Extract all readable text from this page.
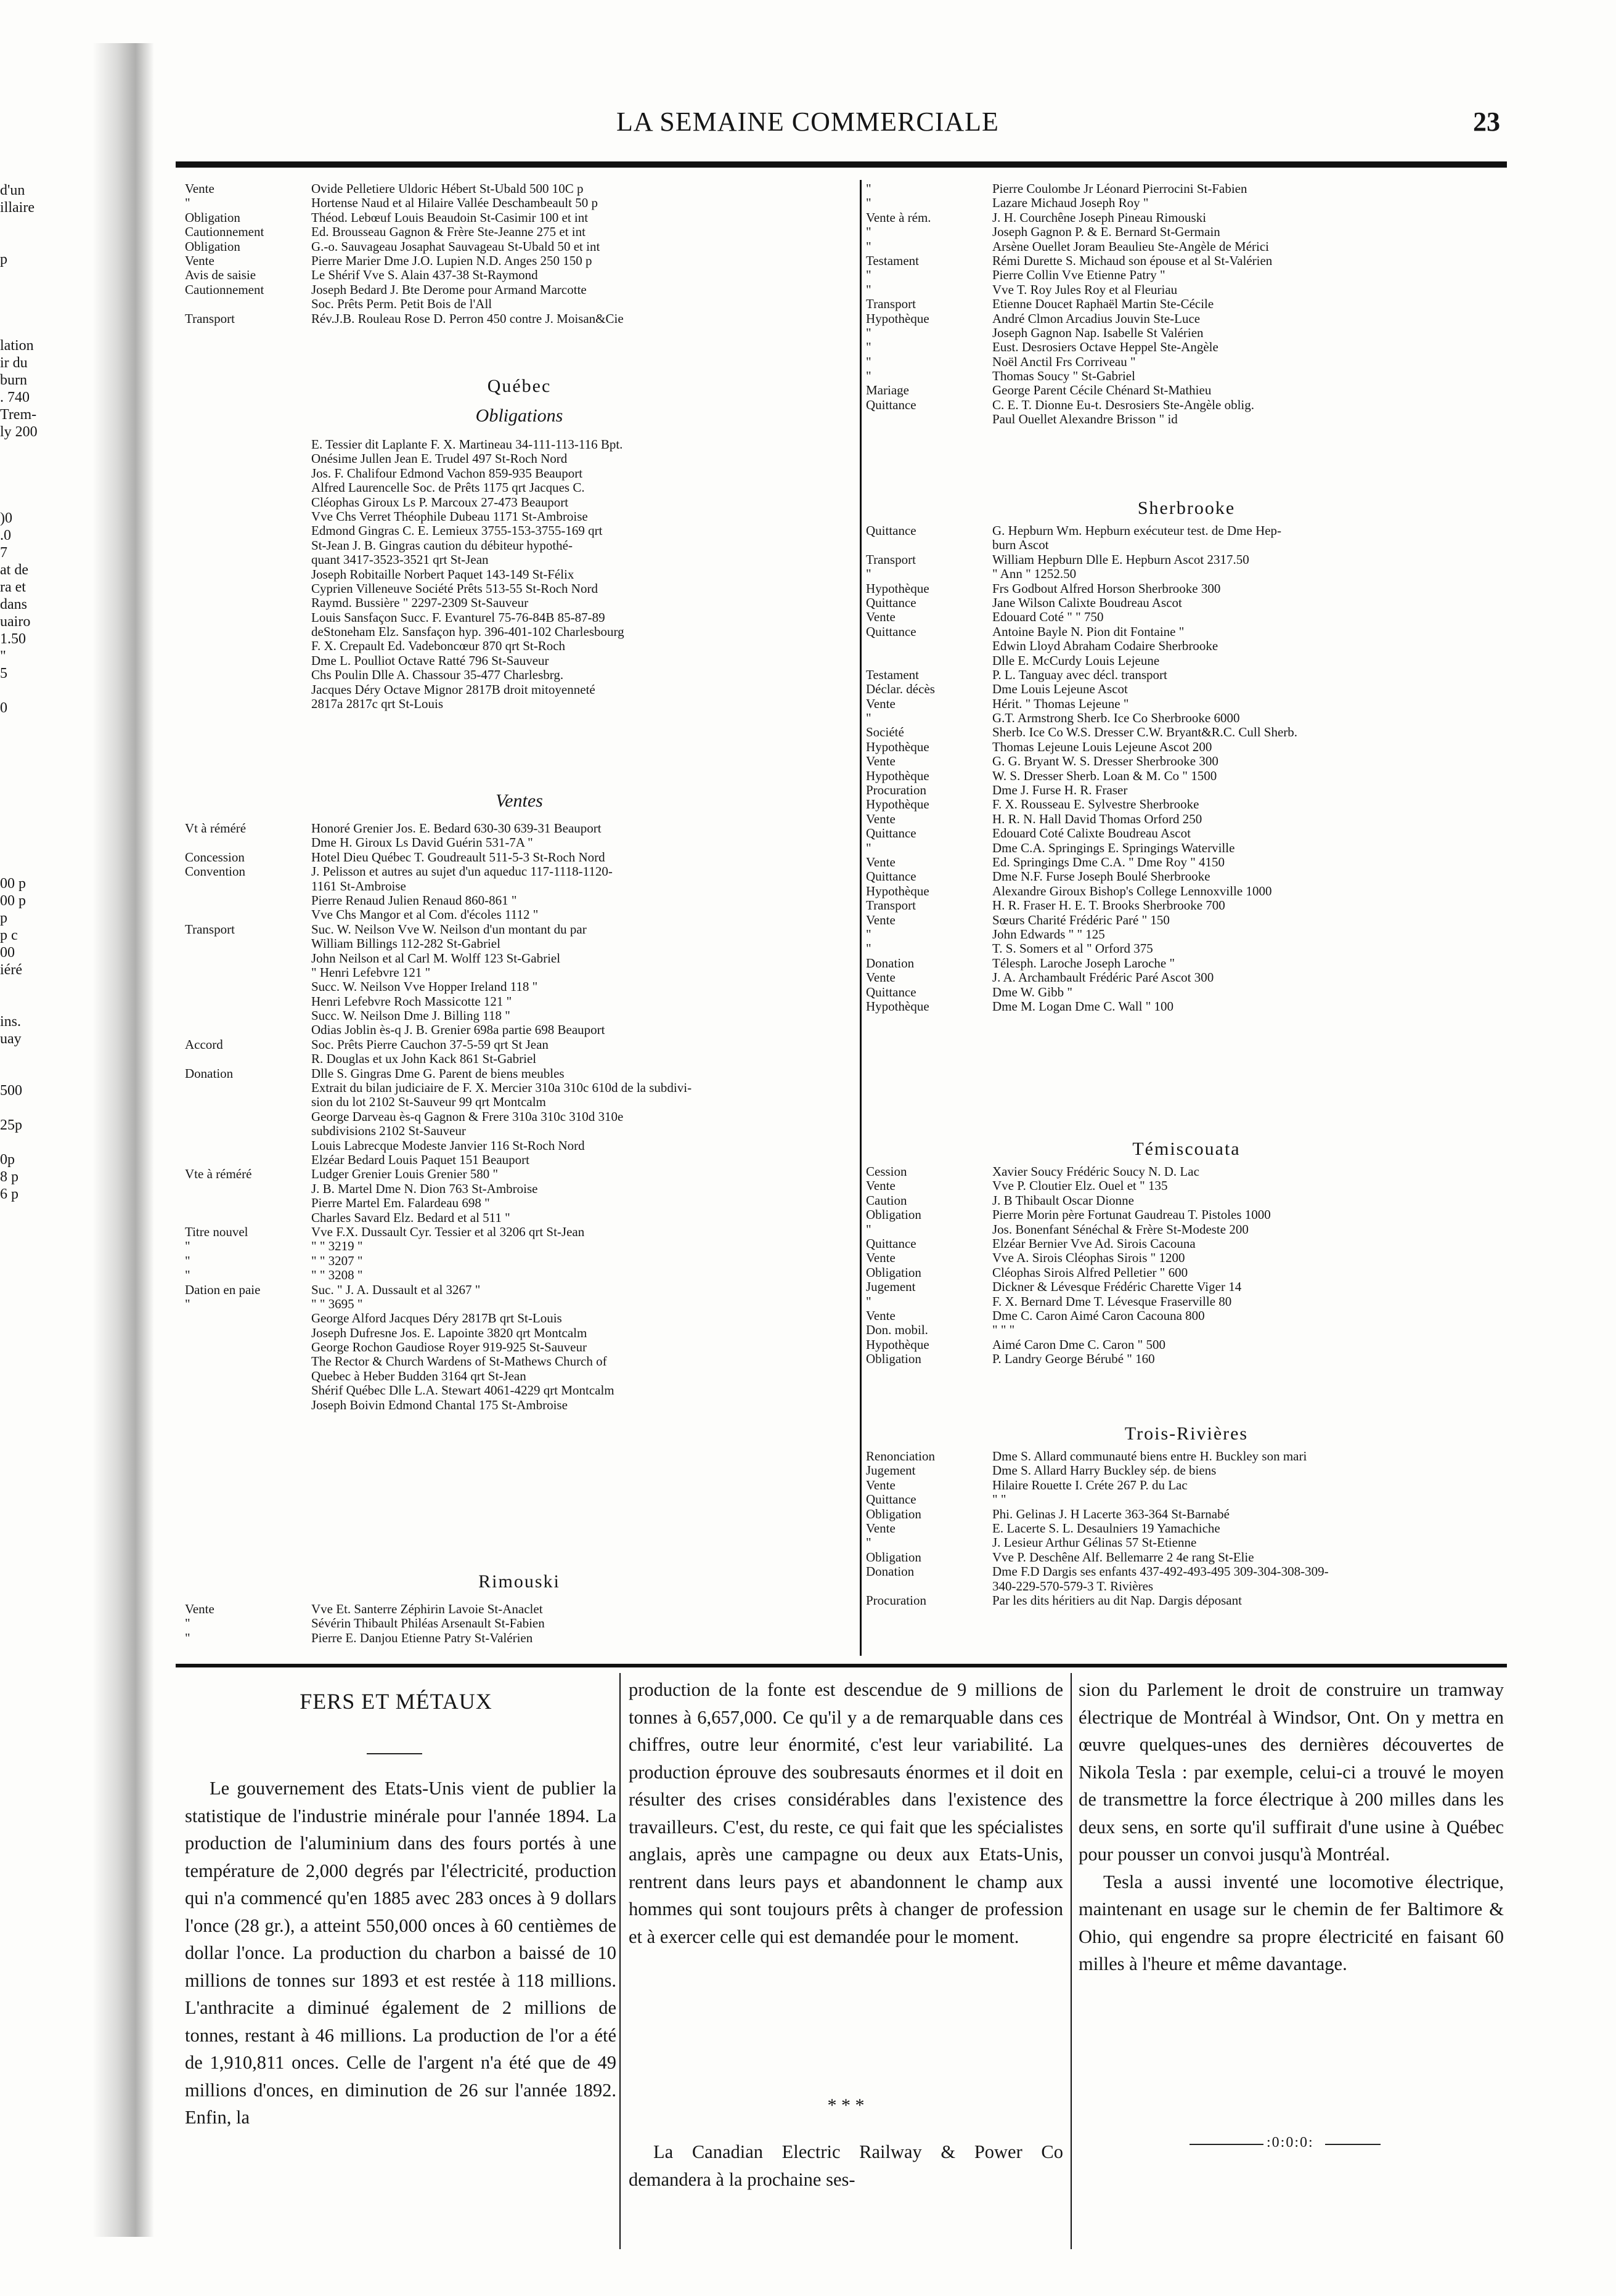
LA SEMAINE COMMERCIALE	23
d'un
illaire
p
lation
ir du
burn
. 740
Trem-
ly 200
)0
.0
7
at de
ra et
dans
uairo
1.50
"
5
0
00 p
00 p
p
p c
00
iéré
ins.
uay
500
25p
0p
8 p
6 p
Vente	Ovide Pelletiere Uldoric Hébert St-Ubald 500 10C p
"	Hortense Naud et al Hilaire Vallée Deschambeault 50 p
Obligation	Théod. Lebœuf Louis Beaudoin St-Casimir 100 et int
Cautionnement	Ed. Brousseau Gagnon & Frère Ste-Jeanne 275 et int
Obligation	G.-o. Sauvageau Josaphat Sauvageau St-Ubald 50 et int
Vente	Pierre Marier Dme J.O. Lupien N.D. Anges 250 150 p
Avis de saisie	Le Shérif Vve S. Alain 437-38 St-Raymond
Cautionnement	Joseph Bedard J. Bte Derome pour Armand Marcotte
Soc. Prêts Perm. Petit Bois de l'All
Transport	Rév.J.B. Rouleau Rose D. Perron 450 contre J. Moisan&Cie
Québec
Obligations
E. Tessier dit Laplante F. X. Martineau 34-111-113-116 Bpt.
Onésime Jullen Jean E. Trudel 497 St-Roch Nord
Jos. F. Chalifour Edmond Vachon 859-935 Beauport
Alfred Laurencelle Soc. de Prêts 1175 qrt Jacques C.
Cléophas Giroux Ls P. Marcoux 27-473 Beauport
Vve Chs Verret Théophile Dubeau 1171 St-Ambroise
Edmond Gingras C. E. Lemieux 3755-153-3755-169 qrt
St-Jean J. B. Gingras caution du débiteur hypothé-
quant 3417-3523-3521 qrt St-Jean
Joseph Robitaille Norbert Paquet 143-149 St-Félix
Cyprien Villeneuve Société Prêts 513-55 St-Roch Nord
Raymd. Bussière " 2297-2309 St-Sauveur
Louis Sansfaçon Succ. F. Evanturel 75-76-84B 85-87-89
deStoneham Elz. Sansfaçon hyp. 396-401-102 Charlesbourg
F. X. Crepault Ed. Vadeboncœur 870 qrt St-Roch
Dme L. Poulliot Octave Ratté 796 St-Sauveur
Chs Poulin Dlle A. Chassour 35-477 Charlesbrg.
Jacques Déry Octave Mignor 2817B droit mitoyenneté
2817a 2817c qrt St-Louis
Ventes
Vt à réméré	Honoré Grenier Jos. E. Bedard 630-30 639-31 Beauport
Dme H. Giroux Ls David Guérin 531-7A "
Concession	Hotel Dieu Québec T. Goudreault 511-5-3 St-Roch Nord
Convention	J. Pelisson et autres au sujet d'un aqueduc 117-1118-1120-
1161 St-Ambroise
Pierre Renaud Julien Renaud 860-861 "
Vve Chs Mangor et al Com. d'écoles 1112 "
Transport	Suc. W. Neilson Vve W. Neilson d'un montant du par
William Billings 112-282 St-Gabriel
John Neilson et al Carl M. Wolff 123 St-Gabriel
" Henri Lefebvre 121 "
Succ. W. Neilson Vve Hopper Ireland 118 "
Henri Lefebvre Roch Massicotte 121 "
Succ. W. Neilson Dme J. Billing 118 "
Odias Joblin ès-q J. B. Grenier 698a partie 698 Beauport
Accord	Soc. Prêts Pierre Cauchon 37-5-59 qrt St Jean
R. Douglas et ux John Kack 861 St-Gabriel
Donation	Dlle S. Gingras Dme G. Parent de biens meubles
Extrait du bilan judiciaire de F. X. Mercier 310a 310c 610d de la subdivi-
sion du lot 2102 St-Sauveur 99 qrt Montcalm
George Darveau ès-q Gagnon & Frere 310a 310c 310d 310e
subdivisions 2102 St-Sauveur
Louis Labrecque Modeste Janvier 116 St-Roch Nord
Elzéar Bedard Louis Paquet 151 Beauport
Vte à réméré	Ludger Grenier Louis Grenier 580 "
J. B. Martel Dme N. Dion 763 St-Ambroise
Pierre Martel Em. Falardeau 698 "
Charles Savard Elz. Bedard et al 511 "
Titre nouvel	Vve F.X. Dussault Cyr. Tessier et al 3206 qrt St-Jean
"	" " 3219 "
"	" " 3207 "
"	" " 3208 "
Dation en paie	Suc. " J. A. Dussault et al 3267 "
"	" " 3695 "
George Alford Jacques Déry 2817B qrt St-Louis
Joseph Dufresne Jos. E. Lapointe 3820 qrt Montcalm
George Rochon Gaudiose Royer 919-925 St-Sauveur
The Rector & Church Wardens of St-Mathews Church of
Quebec à Heber Budden 3164 qrt St-Jean
Shérif Québec Dlle L.A. Stewart 4061-4229 qrt Montcalm
Joseph Boivin Edmond Chantal 175 St-Ambroise
Rimouski
Vente	Vve Et. Santerre Zéphirin Lavoie St-Anaclet
"	Sévérin Thibault Philéas Arsenault St-Fabien
"	Pierre E. Danjou Etienne Patry St-Valérien
"	Pierre Coulombe Jr Léonard Pierrocini St-Fabien
"	Lazare Michaud Joseph Roy "
Vente à rém.	J. H. Courchêne Joseph Pineau Rimouski
"	Joseph Gagnon P. & E. Bernard St-Germain
"	Arsène Ouellet Joram Beaulieu Ste-Angèle de Mérici
Testament	Rémi Durette S. Michaud son épouse et al St-Valérien
"	Pierre Collin Vve Etienne Patry "
"	Vve T. Roy Jules Roy et al Fleuriau
Transport	Etienne Doucet Raphaël Martin Ste-Cécile
Hypothèque	André Clmon Arcadius Jouvin Ste-Luce
"	Joseph Gagnon Nap. Isabelle St Valérien
"	Eust. Desrosiers Octave Heppel Ste-Angèle
"	Noël Anctil Frs Corriveau "
"	Thomas Soucy " St-Gabriel
Mariage	George Parent Cécile Chénard St-Mathieu
Quittance	C. E. T. Dionne Eu-t. Desrosiers Ste-Angèle oblig.
Paul Ouellet Alexandre Brisson " id
Sherbrooke
Quittance	G. Hepburn Wm. Hepburn exécuteur test. de Dme Hep-
burn Ascot
Transport	William Hepburn Dlle E. Hepburn Ascot 2317.50
"	" Ann " 1252.50
Hypothèque	Frs Godbout Alfred Horson Sherbrooke 300
Quittance	Jane Wilson Calixte Boudreau Ascot
Vente	Edouard Coté " " 750
Quittance	Antoine Bayle N. Pion dit Fontaine "
Edwin Lloyd Abraham Codaire Sherbrooke
Dlle E. McCurdy Louis Lejeune
Testament	P. L. Tanguay avec décl. transport
Déclar. décès	Dme Louis Lejeune Ascot
Vente	Hérit. " Thomas Lejeune "
"	G.T. Armstrong Sherb. Ice Co Sherbrooke 6000
Société	Sherb. Ice Co W.S. Dresser C.W. Bryant&R.C. Cull Sherb.
Hypothèque	Thomas Lejeune Louis Lejeune Ascot 200
Vente	G. G. Bryant W. S. Dresser Sherbrooke 300
Hypothèque	W. S. Dresser Sherb. Loan & M. Co " 1500
Procuration	Dme J. Furse H. R. Fraser
Hypothèque	F. X. Rousseau E. Sylvestre Sherbrooke
Vente	H. R. N. Hall David Thomas Orford 250
Quittance	Edouard Coté Calixte Boudreau Ascot
"	Dme C.A. Springings E. Springings Waterville
Vente	Ed. Springings Dme C.A. " Dme Roy " 4150
Quittance	Dme N.F. Furse Joseph Boulé Sherbrooke
Hypothèque	Alexandre Giroux Bishop's College Lennoxville 1000
Transport	H. R. Fraser H. E. T. Brooks Sherbrooke 700
Vente	Sœurs Charité Frédéric Paré " 150
"	John Edwards " " 125
"	T. S. Somers et al " Orford 375
Donation	Télesph. Laroche Joseph Laroche "
Vente	J. A. Archambault Frédéric Paré Ascot 300
Quittance	Dme W. Gibb "
Hypothèque	Dme M. Logan Dme C. Wall " 100
Témiscouata
Cession	Xavier Soucy Frédéric Soucy N. D. Lac
Vente	Vve P. Cloutier Elz. Ouel et " 135
Caution	J. B Thibault Oscar Dionne
Obligation	Pierre Morin père Fortunat Gaudreau T. Pistoles 1000
"	Jos. Bonenfant Sénéchal & Frère St-Modeste 200
Quittance	Elzéar Bernier Vve Ad. Sirois Cacouna
Vente	Vve A. Sirois Cléophas Sirois " 1200
Obligation	Cléophas Sirois Alfred Pelletier " 600
Jugement	Dickner & Lévesque Frédéric Charette Viger 14
"	F. X. Bernard Dme T. Lévesque Fraserville 80
Vente	Dme C. Caron Aimé Caron Cacouna 800
Don. mobil.	" " "
Hypothèque	Aimé Caron Dme C. Caron " 500
Obligation	P. Landry George Bérubé " 160
Trois-Rivières
Renonciation	Dme S. Allard communauté biens entre H. Buckley son mari
Jugement	Dme S. Allard Harry Buckley sép. de biens
Vente	Hilaire Rouette I. Créte 267 P. du Lac
Quittance	" "
Obligation	Phi. Gelinas J. H Lacerte 363-364 St-Barnabé
Vente	E. Lacerte S. L. Desaulniers 19 Yamachiche
"	J. Lesieur Arthur Gélinas 57 St-Etienne
Obligation	Vve P. Deschêne Alf. Bellemarre 2 4e rang St-Elie
Donation	Dme F.D Dargis ses enfants 437-492-493-495 309-304-308-309-
340-229-570-579-3 T. Rivières
Procuration	Par les dits héritiers au dit Nap. Dargis déposant
FERS ET MÉTAUX

Le gouvernement des Etats-Unis vient de publier la statistique de l'industrie minérale pour l'année 1894. La production de l'aluminium dans des fours portés à une température de 2,000 degrés par l'électricité, production qui n'a commencé qu'en 1885 avec 283 onces à 9 dollars l'once (28 gr.), a atteint 550,000 onces à 60 centièmes de dollar l'once. La production du charbon a baissé de 10 millions de tonnes sur 1893 et est restée à 118 millions. L'anthracite a diminué également de 2 millions de tonnes, restant à 46 millions. La production de l'or a été de 1,910,811 onces. Celle de l'argent n'a été que de 49 millions d'onces, en diminution de 26 sur l'année 1892. Enfin, la

production de la fonte est descendue de 9 millions de tonnes à 6,657,000. Ce qu'il y a de remarquable dans ces chiffres, outre leur énormité, c'est leur variabilité. La production éprouve des soubresauts énormes et il doit en résulter des crises considérables dans l'existence des travailleurs. C'est, du reste, ce qui fait que les spécialistes anglais, après une campagne ou deux aux Etats-Unis, rentrent dans leurs pays et abandonnent le champ aux hommes qui sont toujours prêts à changer de profession et à exercer celle qui est demandée pour le moment.

* * *

La Canadian Electric Railway & Power Co demandera à la prochaine ses-

sion du Parlement le droit de construire un tramway électrique de Montréal à Windsor, Ont. On y mettra en œuvre quelques-unes des dernières découvertes de Nikola Tesla : par exemple, celui-ci a trouvé le moyen de transmettre la force électrique à 200 milles dans les deux sens, en sorte qu'il suffirait d'une usine à Québec pour pousser un convoi jusqu'à Montréal.

Tesla a aussi inventé une locomotive électrique, maintenant en usage sur le chemin de fer Baltimore & Ohio, qui engendre sa propre électricité en faisant 60 milles à l'heure et même davantage.

:0:0:0:
